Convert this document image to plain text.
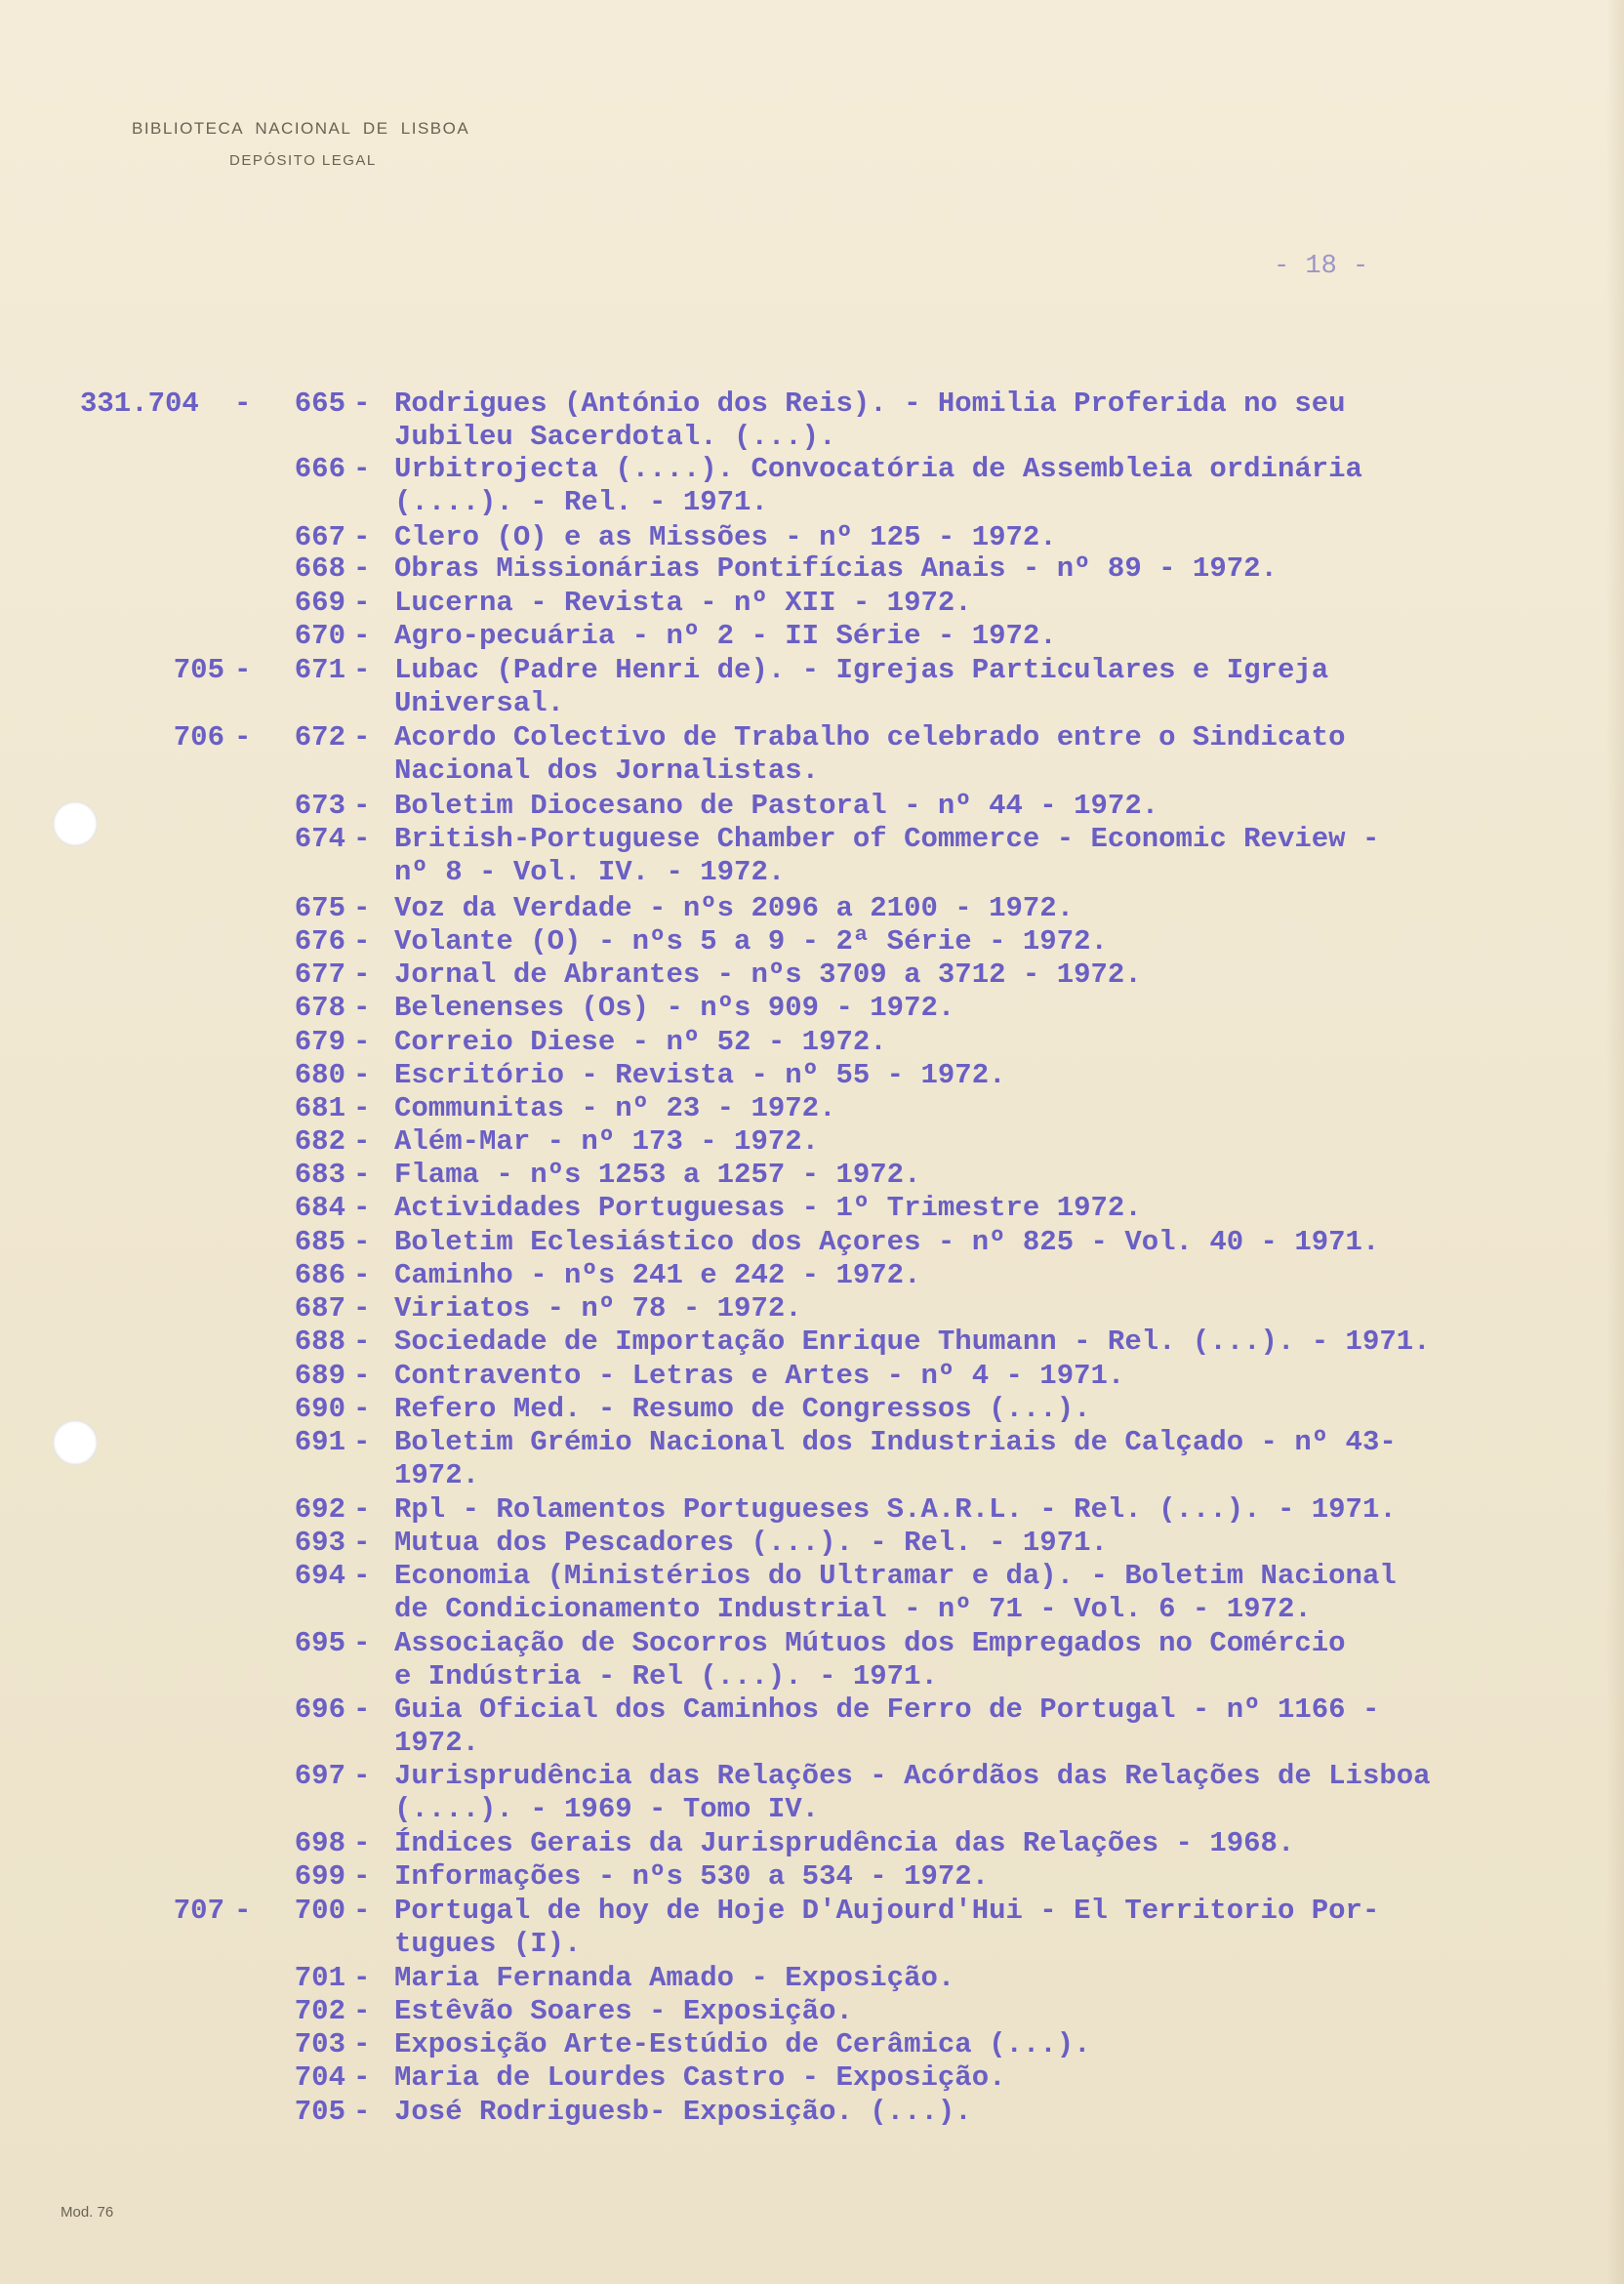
BIBLIOTECA NACIONAL DE LISBOA
DEPÓSITO LEGAL
- 18 -
331.704	-	665 - Rodrigues (António dos Reis). - Homilia Proferida no seu
Jubileu Sacerdotal. (...).
666 - Urbitrojecta (....). Convocatória de Assembleia ordinária
(....). - Rel. - 1971.
667 - Clero (O) e as Missões - nº 125 - 1972.
668 - Obras Missionárias Pontifícias Anais - nº 89 - 1972.
669 - Lucerna - Revista - nº XII - 1972.
670 - Agro-pecuária - nº 2 - II Série - 1972.
705 -	671 - Lubac (Padre Henri de). - Igrejas Particulares e Igreja
Universal.
706 -	672 - Acordo Colectivo de Trabalho celebrado entre o Sindicato
Nacional dos Jornalistas.
673 - Boletim Diocesano de Pastoral - nº 44 - 1972.
674 - British-Portuguese Chamber of Commerce - Economic Review -
nº 8 - Vol. IV. - 1972.
675 - Voz da Verdade - nºs 2096 a 2100 - 1972.
676 - Volante (O) - nºs 5 a 9 - 2ª Série - 1972.
677 - Jornal de Abrantes - nºs 3709 a 3712 - 1972.
678 - Belenenses (Os) - nºs 909 - 1972.
679 - Correio Diese - nº 52 - 1972.
680 - Escritório - Revista - nº 55 - 1972.
681 - Communitas - nº 23 - 1972.
682 - Além-Mar - nº 173 - 1972.
683 - Flama - nºs 1253 a 1257 - 1972.
684 - Actividades Portuguesas - 1º Trimestre 1972.
685 - Boletim Eclesiástico dos Açores - nº 825 - Vol. 40 - 1971.
686 - Caminho - nºs 241 e 242 - 1972.
687 - Viriatos - nº 78 - 1972.
688 - Sociedade de Importação Enrique Thumann - Rel. (...). - 1971.
689 - Contravento - Letras e Artes - nº 4 - 1971.
690 - Refero Med. - Resumo de Congressos (...).
691 - Boletim Grémio Nacional dos Industriais de Calçado - nº 43-
1972.
692 - Rpl - Rolamentos Portugueses S.A.R.L. - Rel. (...). - 1971.
693 - Mutua dos Pescadores (...). - Rel. - 1971.
694 - Economia (Ministérios do Ultramar e da). - Boletim Nacional
de Condicionamento Industrial - nº 71 - Vol. 6 - 1972.
695 - Associação de Socorros Mútuos dos Empregados no Comércio
e Indústria - Rel (...). - 1971.
696 - Guia Oficial dos Caminhos de Ferro de Portugal - nº 1166 -
1972.
697 - Jurisprudência das Relações - Acórdãos das Relações de Lisboa
(....). - 1969 - Tomo IV.
698 - Índices Gerais da Jurisprudência das Relações - 1968.
699 - Informações - nºs 530 a 534 - 1972.
707 -	700 - Portugal de hoy de Hoje D'Aujourd'Hui - El Territorio Por-
tugues (I).
701 - Maria Fernanda Amado - Exposição.
702 - Estêvão Soares - Exposição.
703 - Exposição Arte-Estúdio de Cerâmica (...).
704 - Maria de Lourdes Castro - Exposição.
705 - José Rodriguesb- Exposição. (...).
Mod. 76
